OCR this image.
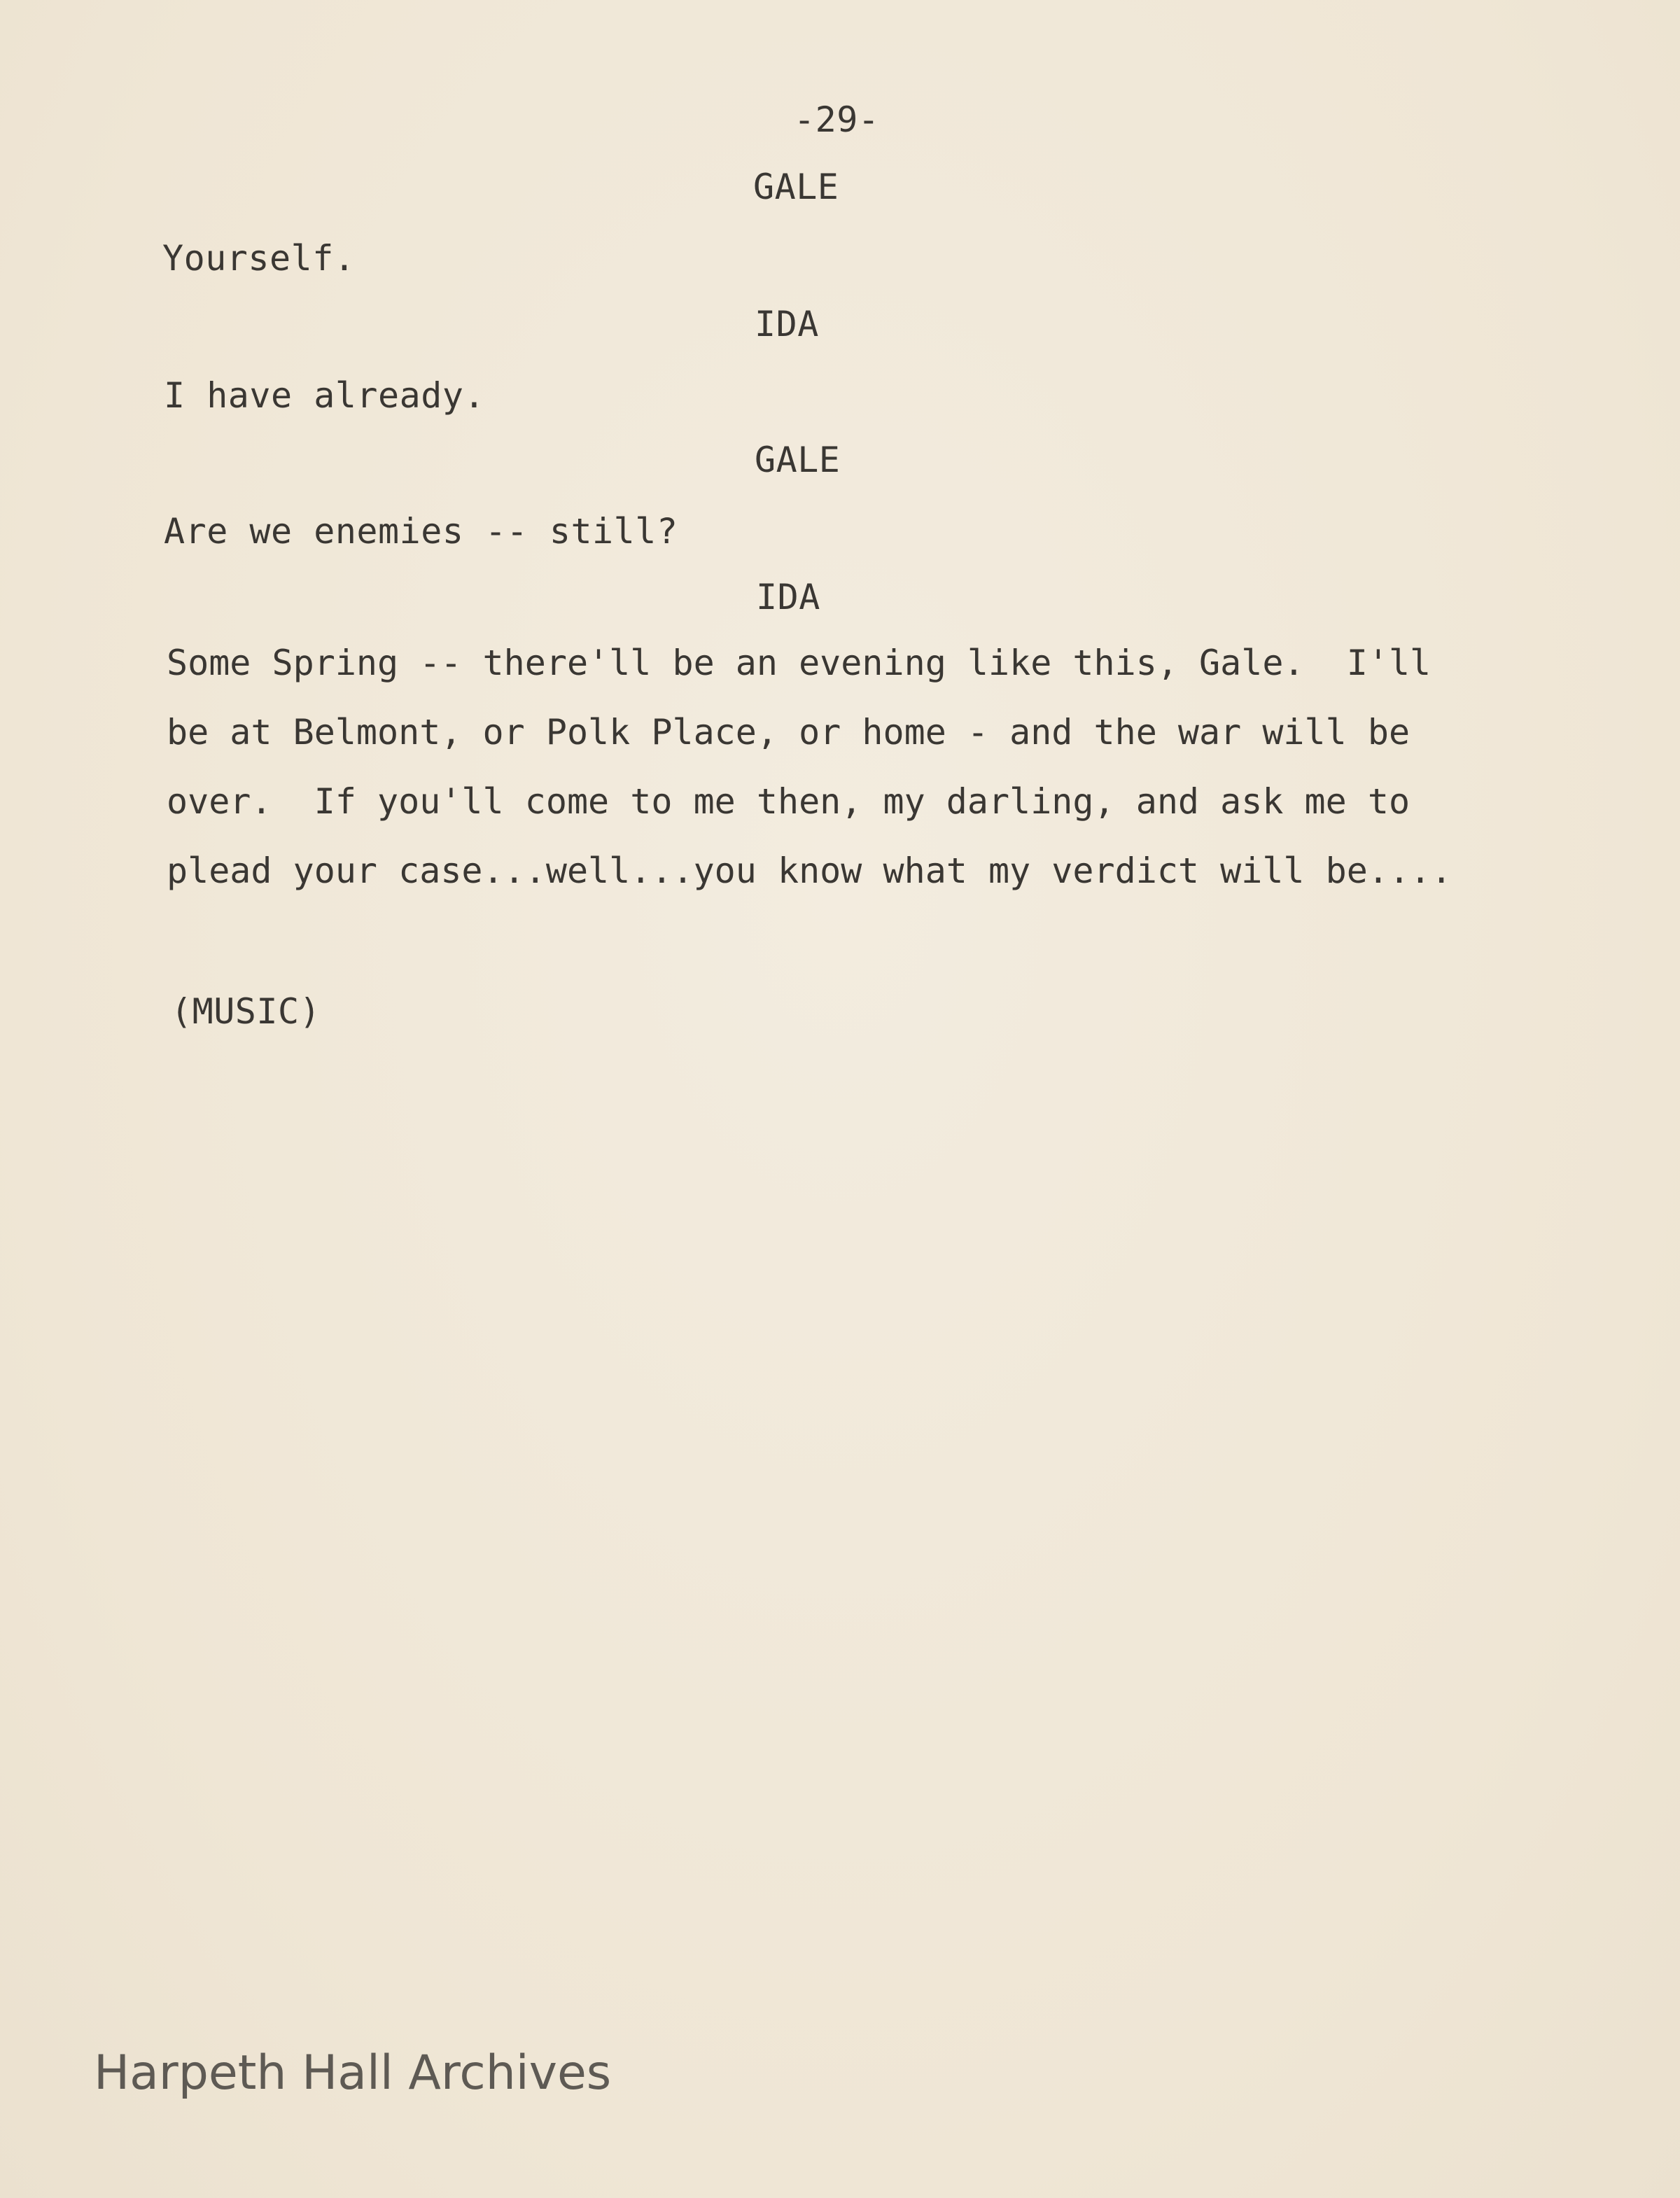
-29-
GALE
Yourself.
IDA
I have already.
GALE
Are we enemies -- still?
IDA
Some Spring -- there'll be an evening like this, Gale.  I'll
be at Belmont, or Polk Place, or home - and the war will be
over.  If you'll come to me then, my darling, and ask me to
plead your case...well...you know what my verdict will be....
(MUSIC)
Harpeth Hall Archives
